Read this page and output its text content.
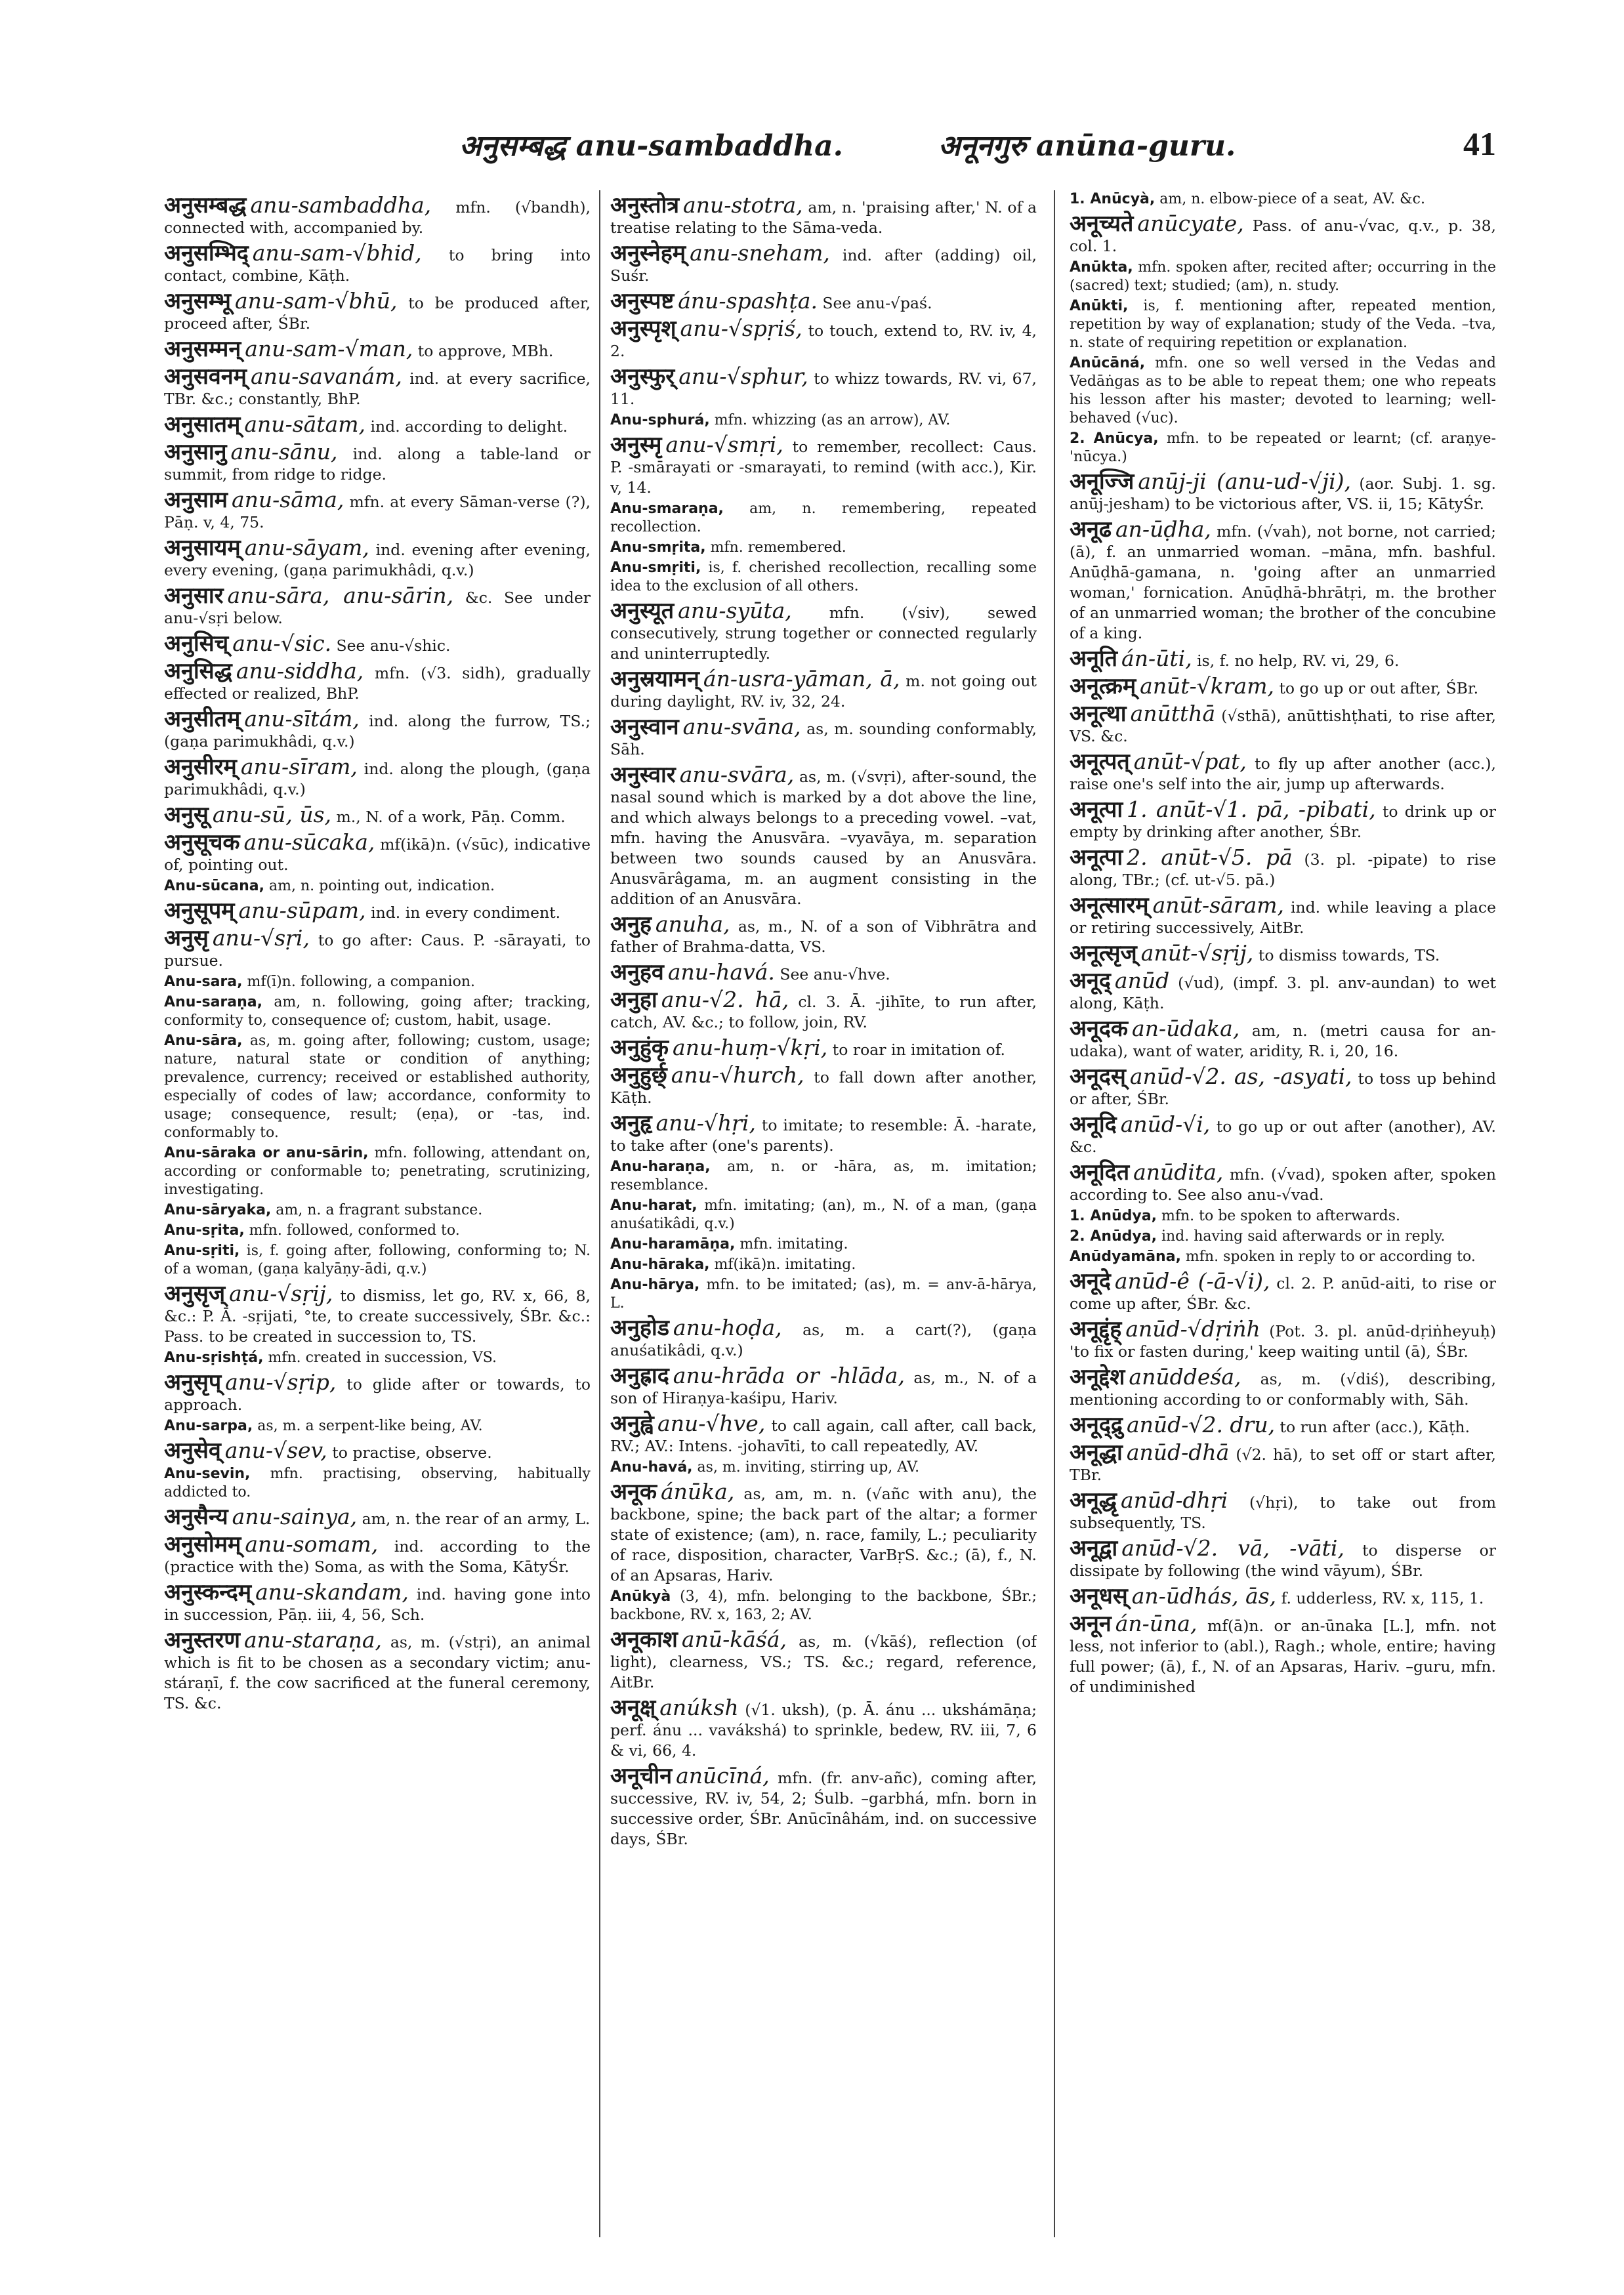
अनुसम्बद्ध anu-sambaddha.	अनूनगुरु anūna-guru.	41

अनुसम्बद्ध anu-sambaddha, mfn. (√bandh), connected with, accompanied by.

अनुसम्भिद् anu-sam-√bhid, to bring into contact, combine, Kāṭh.

अनुसम्भू anu-sam-√bhū, to be produced after, proceed after, ŚBr.

अनुसम्मन् anu-sam-√man, to approve, MBh.

अनुसवनम् anu-savanám, ind. at every sacrifice, TBr. &c.; constantly, BhP.

अनुसातम् anu-sātam, ind. according to delight.

अनुसानु anu-sānu, ind. along a table-land or summit, from ridge to ridge.

अनुसाम anu-sāma, mfn. at every Sāman-verse (?), Pāṇ. v, 4, 75.

अनुसायम् anu-sāyam, ind. evening after evening, every evening, (gaṇa parimukhâdi, q.v.)

अनुसार anu-sāra, anu-sārin, &c. See under anu-√sṛi below.

अनुसिच् anu-√sic. See anu-√shic.

अनुसिद्ध anu-siddha, mfn. (√3. sidh), gradually effected or realized, BhP.

अनुसीतम् anu-sītám, ind. along the furrow, TS.; (gaṇa parimukhâdi, q.v.)

अनुसीरम् anu-sīram, ind. along the plough, (gaṇa parimukhâdi, q.v.)

अनुसू anu-sū, ūs, m., N. of a work, Pāṇ. Comm.

अनुसूचक anu-sūcaka, mf(ikā)n. (√sūc), indicative of, pointing out.

Anu-sūcana, am, n. pointing out, indication.

अनुसूपम् anu-sūpam, ind. in every condiment.

अनुसृ anu-√sṛi, to go after: Caus. P. -sārayati, to pursue.

Anu-sara, mf(ī)n. following, a companion.

Anu-saraṇa, am, n. following, going after; tracking, conformity to, consequence of; custom, habit, usage.

Anu-sāra, as, m. going after, following; custom, usage; nature, natural state or condition of anything; prevalence, currency; received or established authority, especially of codes of law; accordance, conformity to usage; consequence, result; (eṇa), or -tas, ind. conformably to.

Anu-sāraka or anu-sārin, mfn. following, attendant on, according or conformable to; penetrating, scrutinizing, investigating.

Anu-sāryaka, am, n. a fragrant substance.

Anu-sṛita, mfn. followed, conformed to.

Anu-sṛiti, is, f. going after, following, conforming to; N. of a woman, (gaṇa kalyāṇy-ādi, q.v.)

अनुसृज् anu-√sṛij, to dismiss, let go, RV. x, 66, 8, &c.: P. Ā. -sṛijati, °te, to create successively, ŚBr. &c.: Pass. to be created in succession to, TS.

Anu-sṛishṭá, mfn. created in succession, VS.

अनुसृप् anu-√sṛip, to glide after or towards, to approach.

Anu-sarpa, as, m. a serpent-like being, AV.

अनुसेव् anu-√sev, to practise, observe.

Anu-sevin, mfn. practising, observing, habitually addicted to.

अनुसैन्य anu-sainya, am, n. the rear of an army, L.

अनुसोमम् anu-somam, ind. according to the (practice with the) Soma, as with the Soma, KātyŚr.

अनुस्कन्दम् anu-skandam, ind. having gone into in succession, Pāṇ. iii, 4, 56, Sch.

अनुस्तरण anu-staraṇa, as, m. (√stṛi), an animal which is fit to be chosen as a secondary victim; anu-stáraṇī, f. the cow sacrificed at the funeral ceremony, TS. &c.

अनुस्तोत्र anu-stotra, am, n. 'praising after,' N. of a treatise relating to the Sāma-veda.

अनुस्नेहम् anu-sneham, ind. after (adding) oil, Suśr.

अनुस्पष्ट ánu-spashṭa. See anu-√paś.

अनुस्पृश् anu-√spṛiś, to touch, extend to, RV. iv, 4, 2.

अनुस्फुर् anu-√sphur, to whizz towards, RV. vi, 67, 11.

Anu-sphurá, mfn. whizzing (as an arrow), AV.

अनुस्मृ anu-√smṛi, to remember, recollect: Caus. P. -smārayati or -smarayati, to remind (with acc.), Kir. v, 14.

Anu-smaraṇa, am, n. remembering, repeated recollection.

Anu-smṛita, mfn. remembered.

Anu-smṛiti, is, f. cherished recollection, recalling some idea to the exclusion of all others.

अनुस्यूत anu-syūta, mfn. (√siv), sewed consecutively, strung together or connected regularly and uninterruptedly.

अनुस्रयामन् án-usra-yāman, ā, m. not going out during daylight, RV. iv, 32, 24.

अनुस्वान anu-svāna, as, m. sounding conformably, Sāh.

अनुस्वार anu-svāra, as, m. (√svṛi), after-sound, the nasal sound which is marked by a dot above the line, and which always belongs to a preceding vowel. –vat, mfn. having the Anusvāra. –vyavāya, m. separation between two sounds caused by an Anusvāra. Anusvārâgama, m. an augment consisting in the addition of an Anusvāra.

अनुह anuha, as, m., N. of a son of Vibhrātra and father of Brahma-datta, VS.

अनुहव anu-havá. See anu-√hve.

अनुहा anu-√2. hā, cl. 3. Ā. -jihīte, to run after, catch, AV. &c.; to follow, join, RV.

अनुहुंकृ anu-huṃ-√kṛi, to roar in imitation of.

अनुहुर्छ् anu-√hurch, to fall down after another, Kāṭh.

अनुहृ anu-√hṛi, to imitate; to resemble: Ā. -harate, to take after (one's parents).

Anu-haraṇa, am, n. or -hāra, as, m. imitation; resemblance.

Anu-harat, mfn. imitating; (an), m., N. of a man, (gaṇa anuśatikâdi, q.v.)

Anu-haramāṇa, mfn. imitating.

Anu-hāraka, mf(ikā)n. imitating.

Anu-hārya, mfn. to be imitated; (as), m. = anv-ā-hārya, L.

अनुहोड anu-hoḍa, as, m. a cart(?), (gaṇa anuśatikâdi, q.v.)

अनुह्राद anu-hrāda or -hlāda, as, m., N. of a son of Hiraṇya-kaśipu, Hariv.

अनुह्वे anu-√hve, to call again, call after, call back, RV.; AV.: Intens. -johavīti, to call repeatedly, AV.

Anu-havá, as, m. inviting, stirring up, AV.

अनूक ánūka, as, am, m. n. (√añc with anu), the backbone, spine; the back part of the altar; a former state of existence; (am), n. race, family, L.; peculiarity of race, disposition, character, VarBṛS. &c.; (ā), f., N. of an Apsaras, Hariv.

Anūkyà (3, 4), mfn. belonging to the backbone, ŚBr.; backbone, RV. x, 163, 2; AV.

अनूकाश anū-kāśá, as, m. (√kāś), reflection (of light), clearness, VS.; TS. &c.; regard, reference, AitBr.

अनूक्ष् anúksh (√1. uksh), (p. Ā. ánu ... ukshámāṇa; perf. ánu ... vavákshá) to sprinkle, bedew, RV. iii, 7, 6 & vi, 66, 4.

अनूचीन anūcīná, mfn. (fr. anv-añc), coming after, successive, RV. iv, 54, 2; Śulb. –garbhá, mfn. born in successive order, ŚBr. Anūcīnâhám, ind. on successive days, ŚBr.

1. Anūcyà, am, n. elbow-piece of a seat, AV. &c.

अनूच्यते anūcyate, Pass. of anu-√vac, q.v., p. 38, col. 1.

Anūkta, mfn. spoken after, recited after; occurring in the (sacred) text; studied; (am), n. study.

Anūkti, is, f. mentioning after, repeated mention, repetition by way of explanation; study of the Veda. –tva, n. state of requiring repetition or explanation.

Anūcāná, mfn. one so well versed in the Vedas and Vedāṅgas as to be able to repeat them; one who repeats his lesson after his master; devoted to learning; well-behaved (√uc).

2. Anūcya, mfn. to be repeated or learnt; (cf. araṇye-'nūcya.)

अनूज्जि anūj-ji (anu-ud-√ji), (aor. Subj. 1. sg. anūj-jesham) to be victorious after, VS. ii, 15; KātyŚr.

अनूढ an-ūḍha, mfn. (√vah), not borne, not carried; (ā), f. an unmarried woman. –māna, mfn. bashful. Anūḍhā-gamana, n. 'going after an unmarried woman,' fornication. Anūḍhā-bhrātṛi, m. the brother of an unmarried woman; the brother of the concubine of a king.

अनूति án-ūti, is, f. no help, RV. vi, 29, 6.

अनूत्क्रम् anūt-√kram, to go up or out after, ŚBr.

अनूत्था anūtthā (√sthā), anūttishṭhati, to rise after, VS. &c.

अनूत्पत् anūt-√pat, to fly up after another (acc.), raise one's self into the air, jump up afterwards.

अनूत्पा 1. anūt-√1. pā, -pibati, to drink up or empty by drinking after another, ŚBr.

अनूत्पा 2. anūt-√5. pā (3. pl. -pipate) to rise along, TBr.; (cf. ut-√5. pā.)

अनूत्सारम् anūt-sāram, ind. while leaving a place or retiring successively, AitBr.

अनूत्सृज् anūt-√sṛij, to dismiss towards, TS.

अनूद् anūd (√ud), (impf. 3. pl. anv-aundan) to wet along, Kāṭh.

अनूदक an-ūdaka, am, n. (metri causa for an-udaka), want of water, aridity, R. i, 20, 16.

अनूदस् anūd-√2. as, -asyati, to toss up behind or after, ŚBr.

अनूदि anūd-√i, to go up or out after (another), AV. &c.

अनूदित anūdita, mfn. (√vad), spoken after, spoken according to. See also anu-√vad.

1. Anūdya, mfn. to be spoken to afterwards.

2. Anūdya, ind. having said afterwards or in reply.

Anūdyamāna, mfn. spoken in reply to or according to.

अनूदे anūd-ê (-ā-√i), cl. 2. P. anūd-aiti, to rise or come up after, ŚBr. &c.

अनूद्दृंह् anūd-√dṛiṅh (Pot. 3. pl. anūd-dṛiṅheyuḥ) 'to fix or fasten during,' keep waiting until (ā), ŚBr.

अनूद्देश anūddeśa, as, m. (√diś), describing, mentioning according to or conformably with, Sāh.

अनूद्द्रु anūd-√2. dru, to run after (acc.), Kāṭh.

अनूद्धा anūd-dhā (√2. hā), to set off or start after, TBr.

अनूद्धृ anūd-dhṛi (√hṛi), to take out from subsequently, TS.

अनूद्वा anūd-√2. vā, -vāti, to disperse or dissipate by following (the wind vāyum), ŚBr.

अनूधस् an-ūdhás, ās, f. udderless, RV. x, 115, 1.

अनून án-ūna, mf(ā)n. or an-ūnaka [L.], mfn. not less, not inferior to (abl.), Ragh.; whole, entire; having full power; (ā), f., N. of an Apsaras, Hariv. –guru, mfn. of undiminished
